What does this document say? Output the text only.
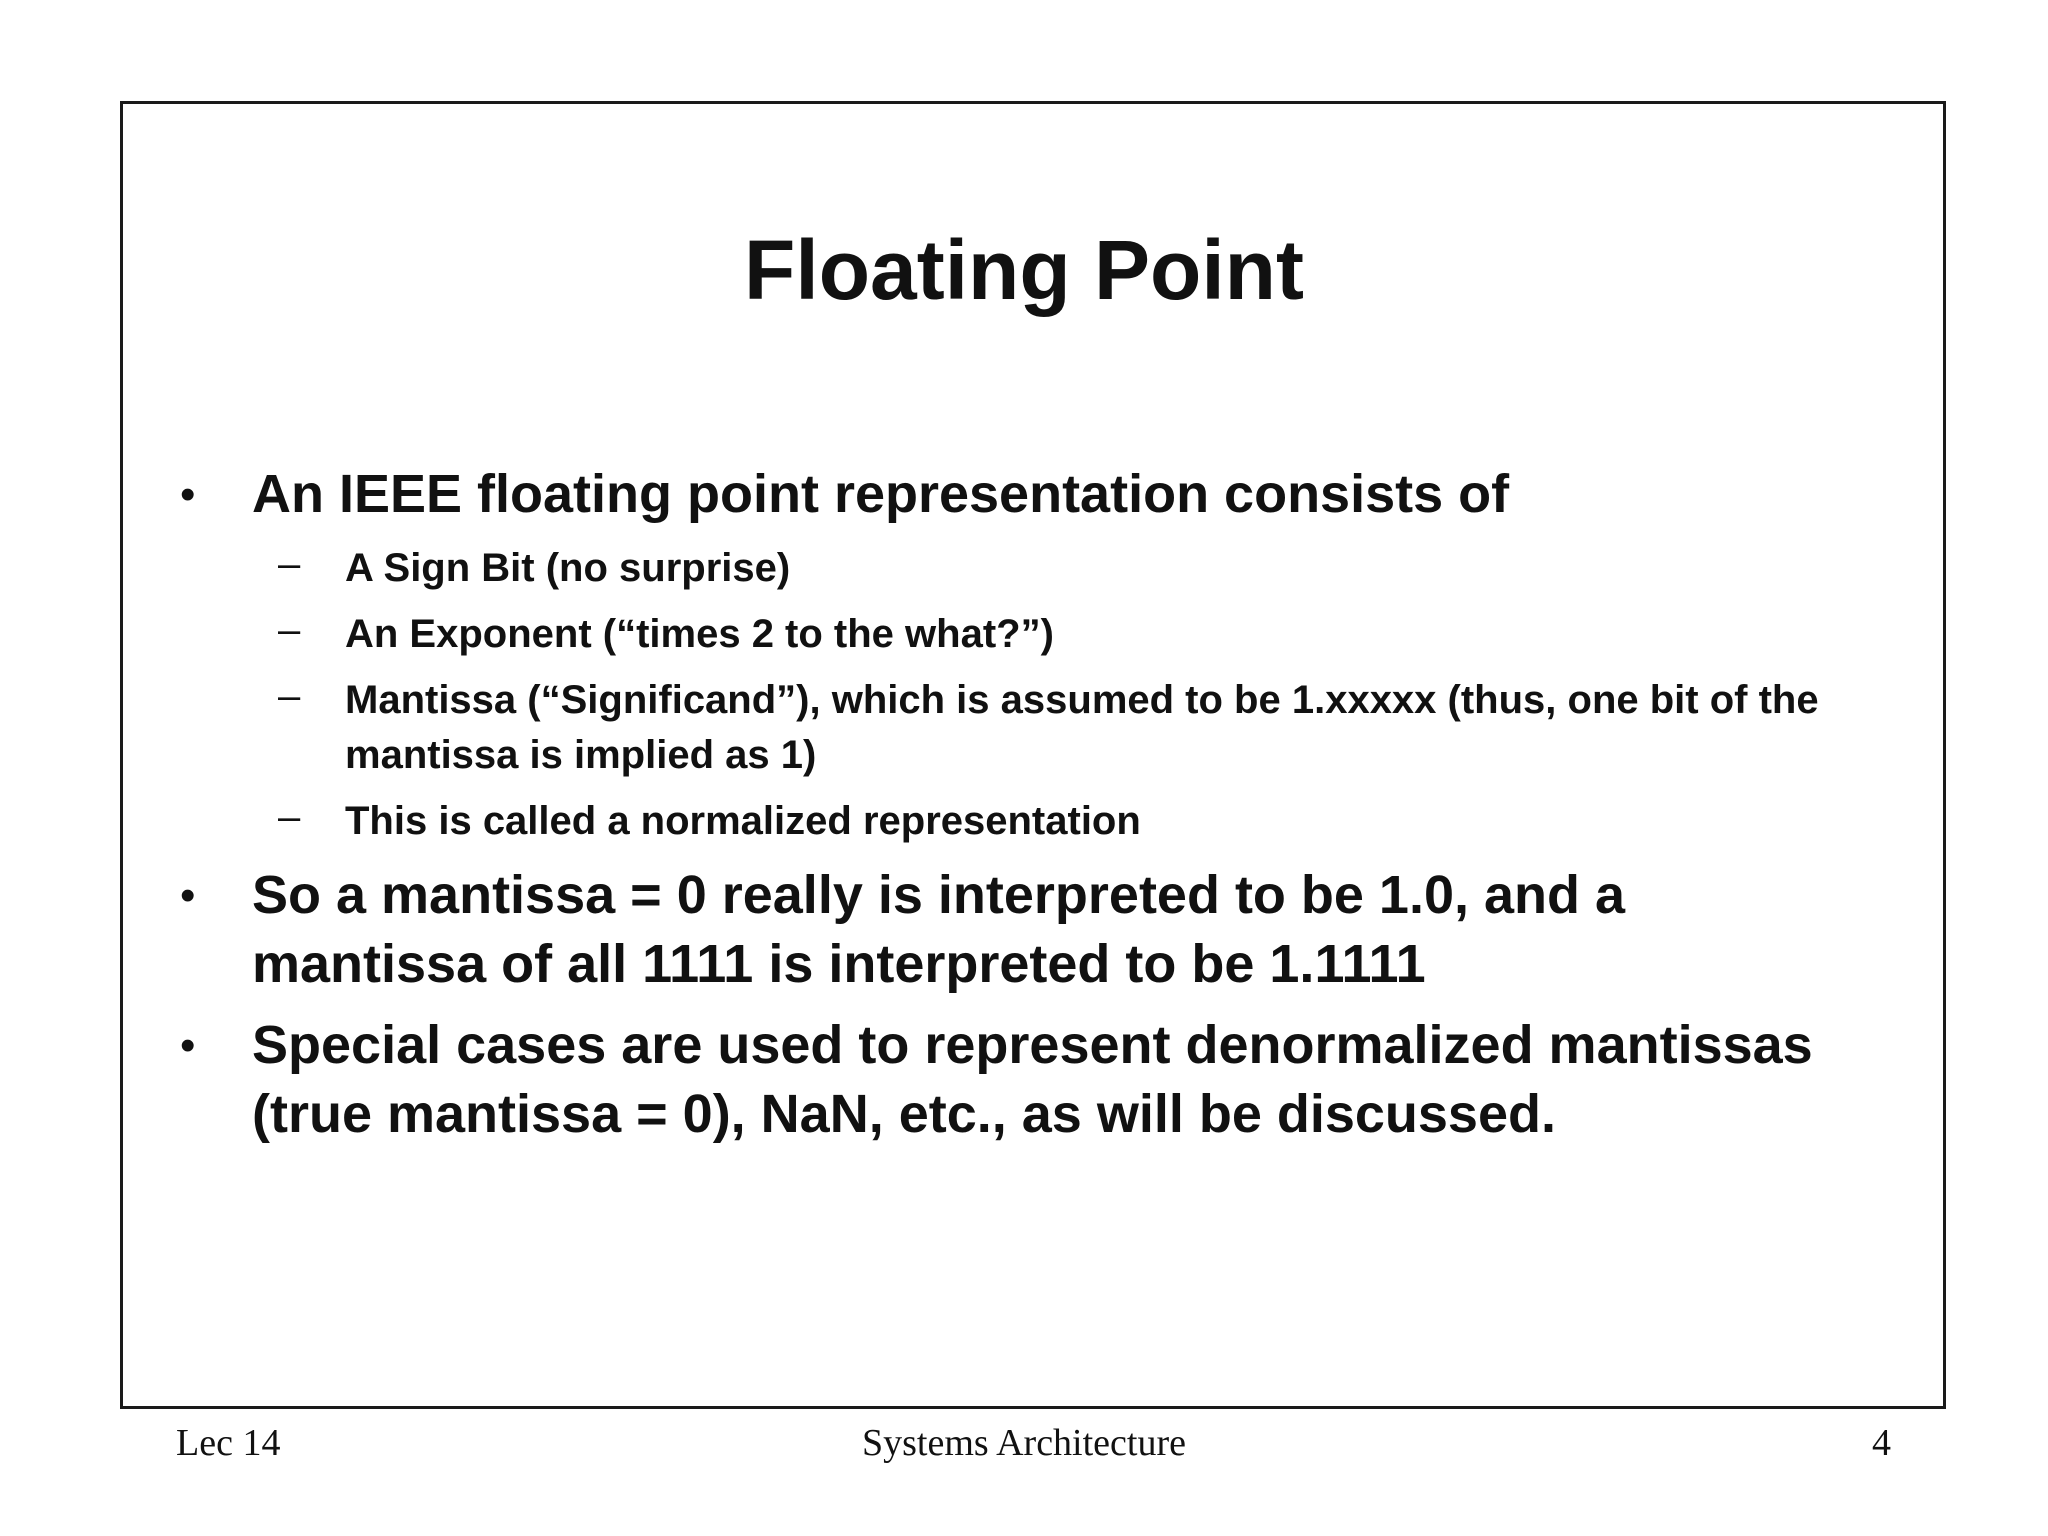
Floating Point
• An IEEE floating point representation consists of
– A Sign Bit (no surprise)
– An Exponent (“times 2 to the what?”)
– Mantissa (“Significand”), which is assumed to be 1.xxxxx (thus, one bit of the mantissa is implied as 1)
– This is called a normalized representation
• So a mantissa = 0 really is interpreted to be 1.0, and a mantissa of all 1111 is interpreted to be 1.1111
• Special cases are used to represent denormalized mantissas (true mantissa = 0), NaN, etc., as will be discussed.
Lec 14	Systems Architecture	4
